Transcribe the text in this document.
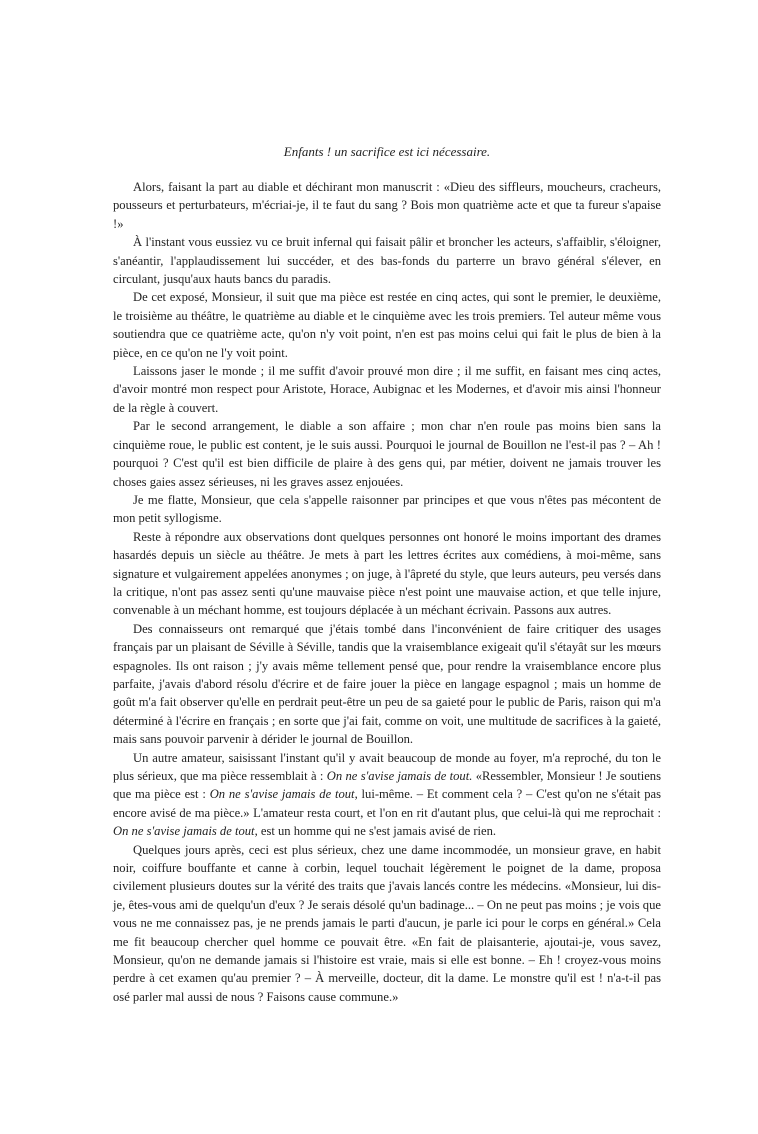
Enfants ! un sacrifice est ici nécessaire.

Alors, faisant la part au diable et déchirant mon manuscrit : «Dieu des siffleurs, moucheurs, cracheurs, pousseurs et perturbateurs, m'écriai-je, il te faut du sang ? Bois mon quatrième acte et que ta fureur s'apaise !»

À l'instant vous eussiez vu ce bruit infernal qui faisait pâlir et broncher les acteurs, s'affaiblir, s'éloigner, s'anéantir, l'applaudissement lui succéder, et des bas-fonds du parterre un bravo général s'élever, en circulant, jusqu'aux hauts bancs du paradis.

De cet exposé, Monsieur, il suit que ma pièce est restée en cinq actes, qui sont le premier, le deuxième, le troisième au théâtre, le quatrième au diable et le cinquième avec les trois premiers. Tel auteur même vous soutiendra que ce quatrième acte, qu'on n'y voit point, n'en est pas moins celui qui fait le plus de bien à la pièce, en ce qu'on ne l'y voit point.

Laissons jaser le monde ; il me suffit d'avoir prouvé mon dire ; il me suffit, en faisant mes cinq actes, d'avoir montré mon respect pour Aristote, Horace, Aubignac et les Modernes, et d'avoir mis ainsi l'honneur de la règle à couvert.

Par le second arrangement, le diable a son affaire ; mon char n'en roule pas moins bien sans la cinquième roue, le public est content, je le suis aussi. Pourquoi le journal de Bouillon ne l'est-il pas ? – Ah ! pourquoi ? C'est qu'il est bien difficile de plaire à des gens qui, par métier, doivent ne jamais trouver les choses gaies assez sérieuses, ni les graves assez enjouées.

Je me flatte, Monsieur, que cela s'appelle raisonner par principes et que vous n'êtes pas mécontent de mon petit syllogisme.

Reste à répondre aux observations dont quelques personnes ont honoré le moins important des drames hasardés depuis un siècle au théâtre. Je mets à part les lettres écrites aux comédiens, à moi-même, sans signature et vulgairement appelées anonymes ; on juge, à l'âpreté du style, que leurs auteurs, peu versés dans la critique, n'ont pas assez senti qu'une mauvaise pièce n'est point une mauvaise action, et que telle injure, convenable à un méchant homme, est toujours déplacée à un méchant écrivain. Passons aux autres.

Des connaisseurs ont remarqué que j'étais tombé dans l'inconvénient de faire critiquer des usages français par un plaisant de Séville à Séville, tandis que la vraisemblance exigeait qu'il s'étayât sur les mœurs espagnoles. Ils ont raison ; j'y avais même tellement pensé que, pour rendre la vraisemblance encore plus parfaite, j'avais d'abord résolu d'écrire et de faire jouer la pièce en langage espagnol ; mais un homme de goût m'a fait observer qu'elle en perdrait peut-être un peu de sa gaieté pour le public de Paris, raison qui m'a déterminé à l'écrire en français ; en sorte que j'ai fait, comme on voit, une multitude de sacrifices à la gaieté, mais sans pouvoir parvenir à dérider le journal de Bouillon.

Un autre amateur, saisissant l'instant qu'il y avait beaucoup de monde au foyer, m'a reproché, du ton le plus sérieux, que ma pièce ressemblait à : On ne s'avise jamais de tout. «Ressembler, Monsieur ! Je soutiens que ma pièce est : On ne s'avise jamais de tout, lui-même. – Et comment cela ? – C'est qu'on ne s'était pas encore avisé de ma pièce.» L'amateur resta court, et l'on en rit d'autant plus, que celui-là qui me reprochait : On ne s'avise jamais de tout, est un homme qui ne s'est jamais avisé de rien.

Quelques jours après, ceci est plus sérieux, chez une dame incommodée, un monsieur grave, en habit noir, coiffure bouffante et canne à corbin, lequel touchait légèrement le poignet de la dame, proposa civilement plusieurs doutes sur la vérité des traits que j'avais lancés contre les médecins. «Monsieur, lui dis-je, êtes-vous ami de quelqu'un d'eux ? Je serais désolé qu'un badinage... – On ne peut pas moins ; je vois que vous ne me connaissez pas, je ne prends jamais le parti d'aucun, je parle ici pour le corps en général.» Cela me fit beaucoup chercher quel homme ce pouvait être. «En fait de plaisanterie, ajoutai-je, vous savez, Monsieur, qu'on ne demande jamais si l'histoire est vraie, mais si elle est bonne. – Eh ! croyez-vous moins perdre à cet examen qu'au premier ? – À merveille, docteur, dit la dame. Le monstre qu'il est ! n'a-t-il pas osé parler mal aussi de nous ? Faisons cause commune.»
